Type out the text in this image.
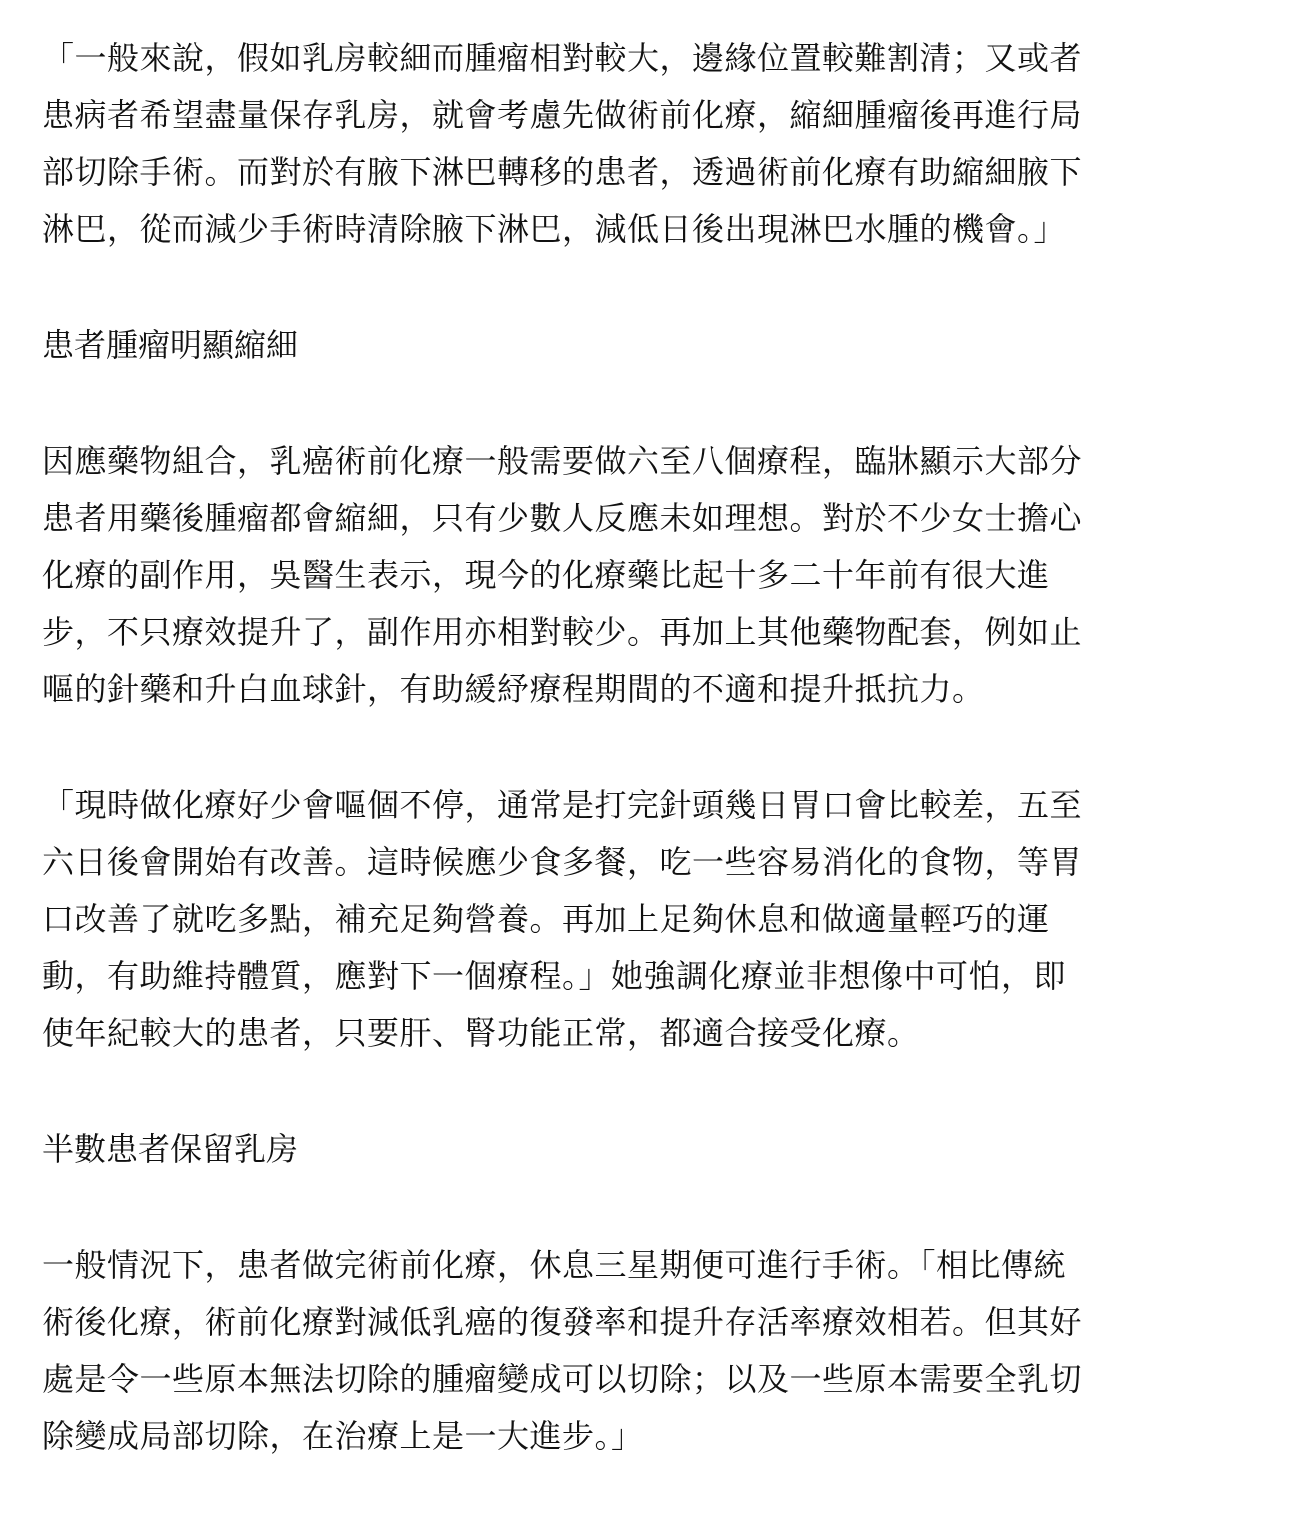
「一般來說，假如乳房較細而腫瘤相對較大，邊緣位置較難割清；又或者
患病者希望盡量保存乳房，就會考慮先做術前化療，縮細腫瘤後再進行局
部切除手術。而對於有腋下淋巴轉移的患者，透過術前化療有助縮細腋下
淋巴，從而減少手術時清除腋下淋巴，減低日後出現淋巴水腫的機會。」

患者腫瘤明顯縮細

因應藥物組合，乳癌術前化療一般需要做六至八個療程，臨牀顯示大部分
患者用藥後腫瘤都會縮細，只有少數人反應未如理想。對於不少女士擔心
化療的副作用，吳醫生表示，現今的化療藥比起十多二十年前有很大進
步，不只療效提升了，副作用亦相對較少。再加上其他藥物配套，例如止
嘔的針藥和升白血球針，有助緩紓療程期間的不適和提升抵抗力。

「現時做化療好少會嘔個不停，通常是打完針頭幾日胃口會比較差，五至
六日後會開始有改善。這時候應少食多餐，吃一些容易消化的食物，等胃
口改善了就吃多點，補充足夠營養。再加上足夠休息和做適量輕巧的運
動，有助維持體質，應對下一個療程。」她強調化療並非想像中可怕，即
使年紀較大的患者，只要肝、腎功能正常，都適合接受化療。

半數患者保留乳房

一般情況下，患者做完術前化療，休息三星期便可進行手術。「相比傳統
術後化療，術前化療對減低乳癌的復發率和提升存活率療效相若。但其好
處是令一些原本無法切除的腫瘤變成可以切除；以及一些原本需要全乳切
除變成局部切除，在治療上是一大進步。」
